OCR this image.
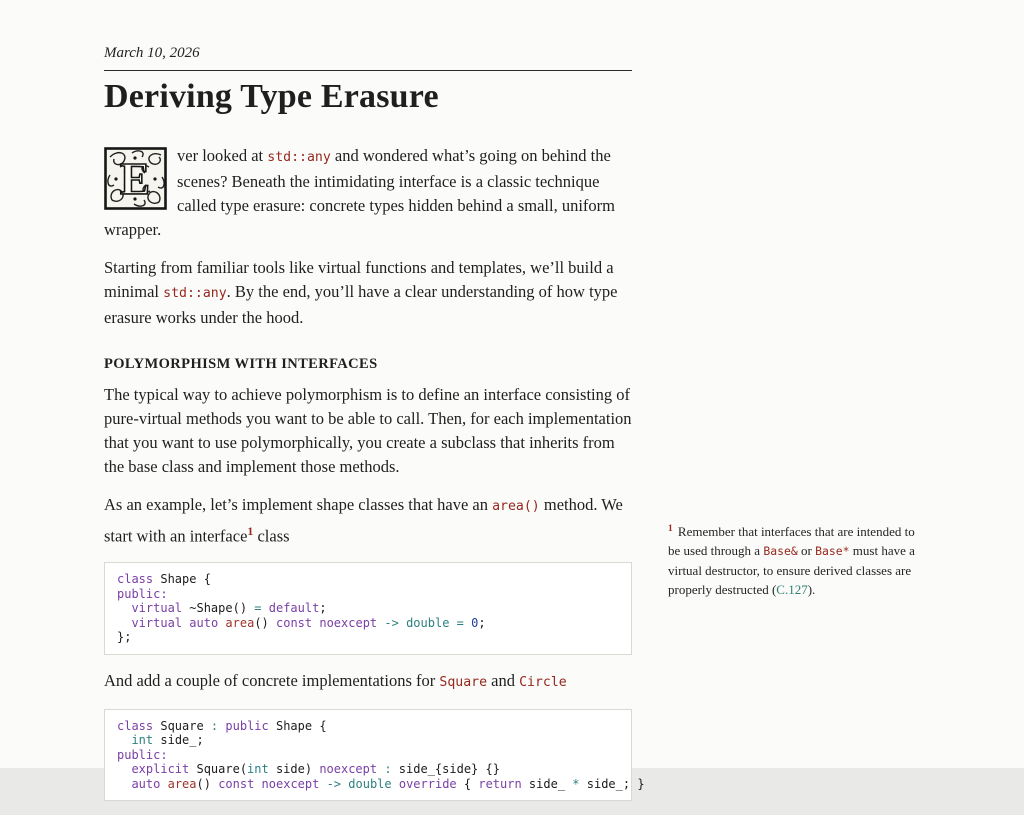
March 10, 2026
Deriving Type Erasure

E ver looked at std::any and wondered what’s going on behind the scenes? Beneath the intimidating interface is a classic technique called type erasure: concrete types hidden behind a small, uniform wrapper.

Starting from familiar tools like virtual functions and templates, we’ll build a minimal std::any. By the end, you’ll have a clear understanding of how type erasure works under the hood.

POLYMORPHISM WITH INTERFACES

The typical way to achieve polymorphism is to define an interface consisting of pure-virtual methods you want to be able to call. Then, for each implementation that you want to use polymorphically, you create a subclass that inherits from the base class and implement those methods.

As an example, let’s implement shape classes that have an area() method. We start with an interface$^1$ class

class Shape {
public:
virtual ~Shape() = default;
virtual auto area() const noexcept -> double = 0;
};

And add a couple of concrete implementations for Square and Circle

class Square : public Shape {
int side_;
public:
explicit Square(int side) noexcept : side_{side} {}
auto area() const noexcept -> double override { return side_ * side_; }
$^1$ Remember that interfaces that are intended to be used through a Base& or Base* must have a virtual destructor, to ensure derived classes are properly destructed (C.127).
